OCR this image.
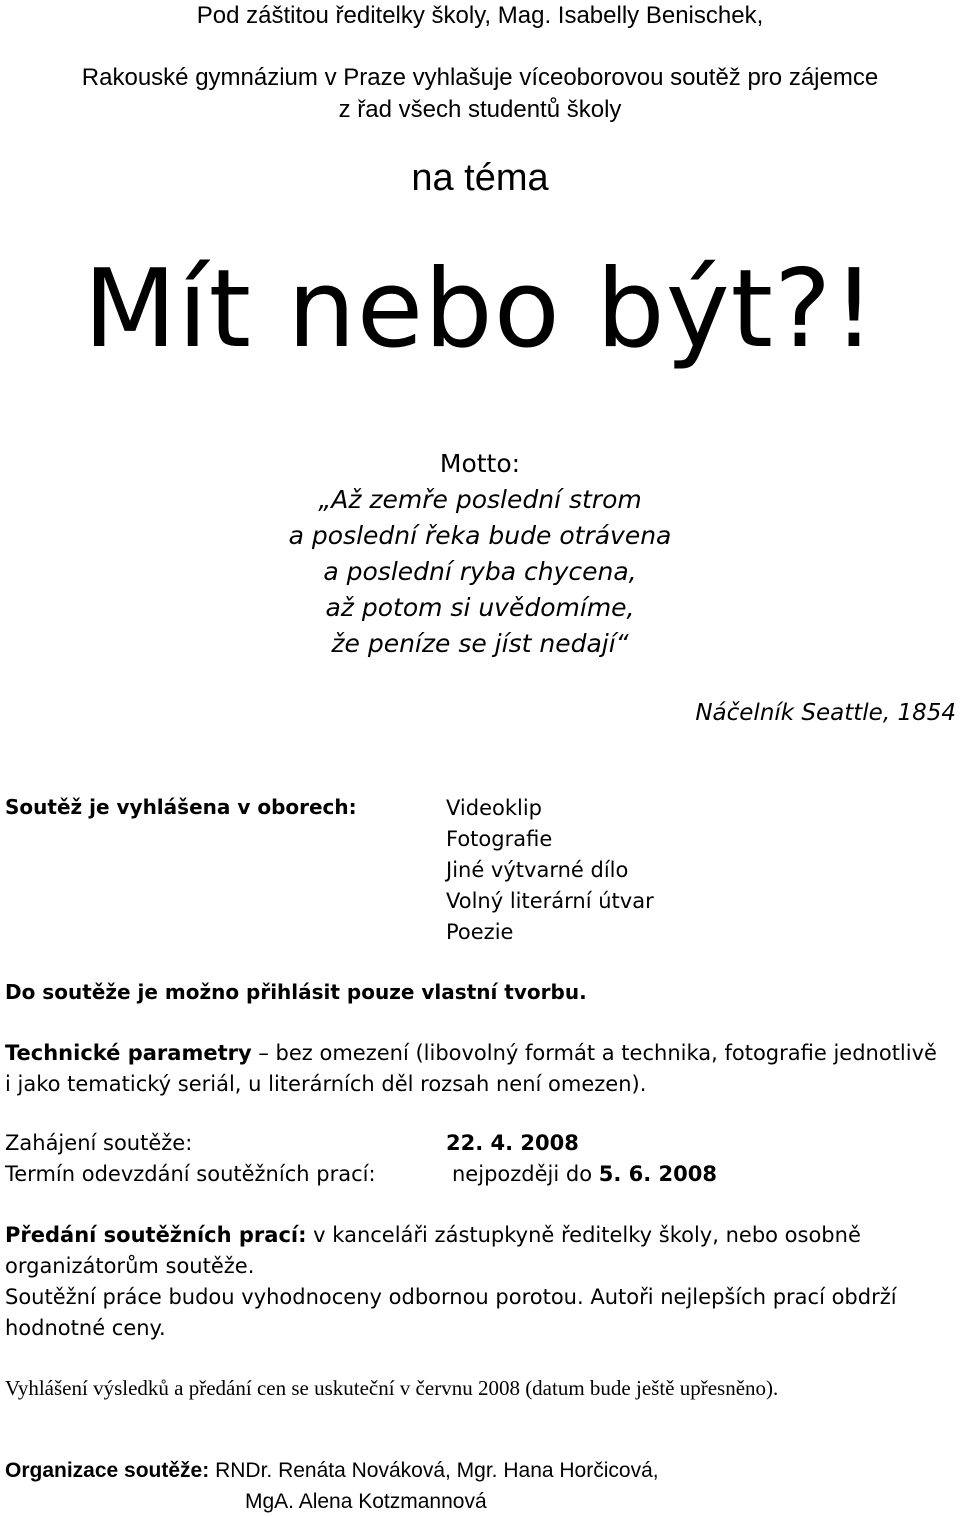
Pod záštitou ředitelky školy, Mag. Isabelly Benischek,
Rakouské gymnázium v Praze vyhlašuje víceoborovou soutěž pro zájemce
z řad všech studentů školy
na téma
Mít nebo být?!
Motto:
„Až zemře poslední strom
a poslední řeka bude otrávena
a poslední ryba chycena,
až potom si uvědomíme,
že peníze se jíst nedají“
Náčelník Seattle, 1854
Soutěž je vyhlášena v oborech:	Videoklip
Fotografie
Jiné výtvarné dílo
Volný literární útvar
Poezie
Do soutěže je možno přihlásit pouze vlastní tvorbu.
Technické parametry – bez omezení (libovolný formát a technika, fotografie jednotlivě i jako tematický seriál, u literárních děl rozsah není omezen).
Zahájení soutěže:	22. 4. 2008
Termín odevzdání soutěžních prací:	nejpozději do 5. 6. 2008
Předání soutěžních prací: v kanceláři zástupkyně ředitelky školy, nebo osobně organizátorům soutěže.
Soutěžní práce budou vyhodnoceny odbornou porotou. Autoři nejlepších prací obdrží hodnotné ceny.
Vyhlášení výsledků a předání cen se uskuteční v červnu 2008 (datum bude ještě upřesněno).
Organizace soutěže: RNDr. Renáta Nováková, Mgr. Hana Horčicová,
MgA. Alena Kotzmannová
